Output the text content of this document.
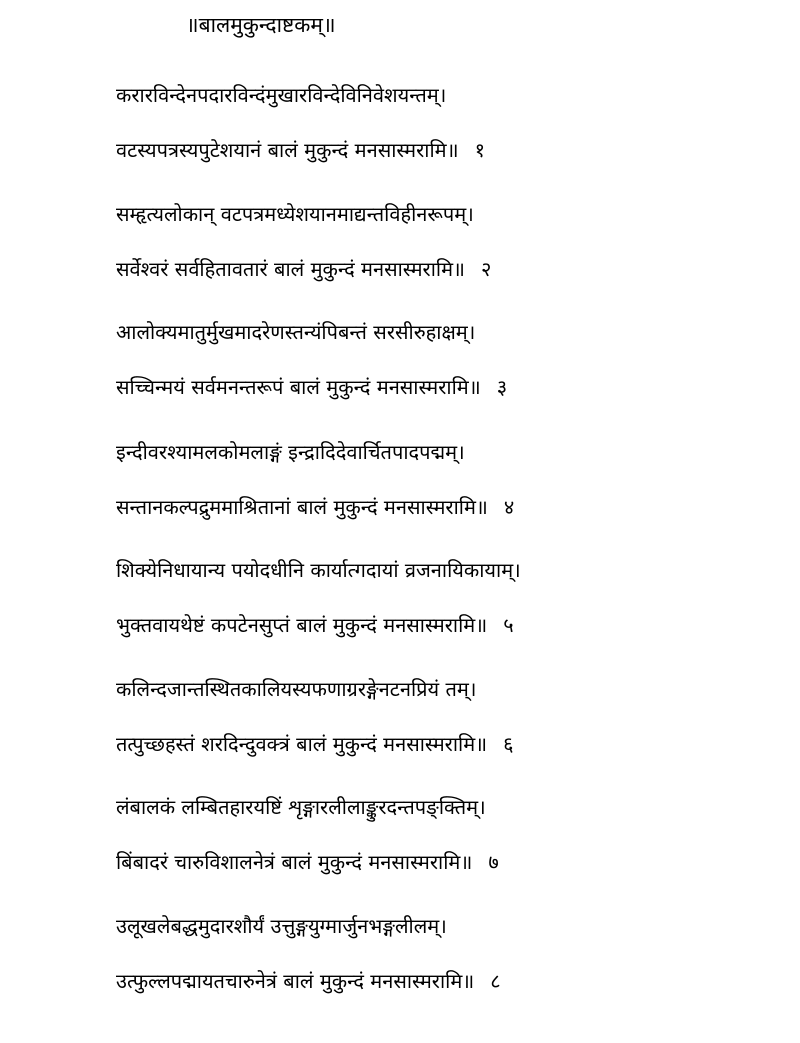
॥बालमुकुन्दाष्टकम्॥
करारविन्देनपदारविन्दंमुखारविन्देविनिवेशयन्तम्।
वटस्यपत्रस्यपुटेशयानं बालं मुकुन्दं मनसास्मरामि॥ १
सम्हृत्यलोकान् वटपत्रमध्येशयानमाद्यन्तविहीनरूपम्।
सर्वेश्वरं सर्वहितावतारं बालं मुकुन्दं मनसास्मरामि॥ २
आलोक्यमातुर्मुखमादरेणस्तन्यंपिबन्तं सरसीरुहाक्षम्।
सच्चिन्मयं सर्वमनन्तरूपं बालं मुकुन्दं मनसास्मरामि॥ ३
इन्दीवरश्यामलकोमलाङ्गं इन्द्रादिदेवार्चितपादपद्मम्।
सन्तानकल्पद्रुममाश्रितानां बालं मुकुन्दं मनसास्मरामि॥ ४
शिक्येनिधायान्य पयोदधीनि कार्यात्गदायां व्रजनायिकायाम्।
भुक्तवायथेष्टं कपटेनसुप्तं बालं मुकुन्दं मनसास्मरामि॥ ५
कलिन्दजान्तस्थितकालियस्यफणाग्ररङ्गेनटनप्रियं तम्।
तत्पुच्छहस्तं शरदिन्दुवक्त्रं बालं मुकुन्दं मनसास्मरामि॥ ६
लंबालकं लम्बितहारयष्टिं शृङ्गारलीलाङ्कुरदन्तपङ्क्तिम्।
बिंबादरं चारुविशालनेत्रं बालं मुकुन्दं मनसास्मरामि॥ ७
उलूखलेबद्धमुदारशौर्यं उत्तुङ्गयुग्मार्जुनभङ्गलीलम्।
उत्फुल्लपद्मायतचारुनेत्रं बालं मुकुन्दं मनसास्मरामि॥ ८
